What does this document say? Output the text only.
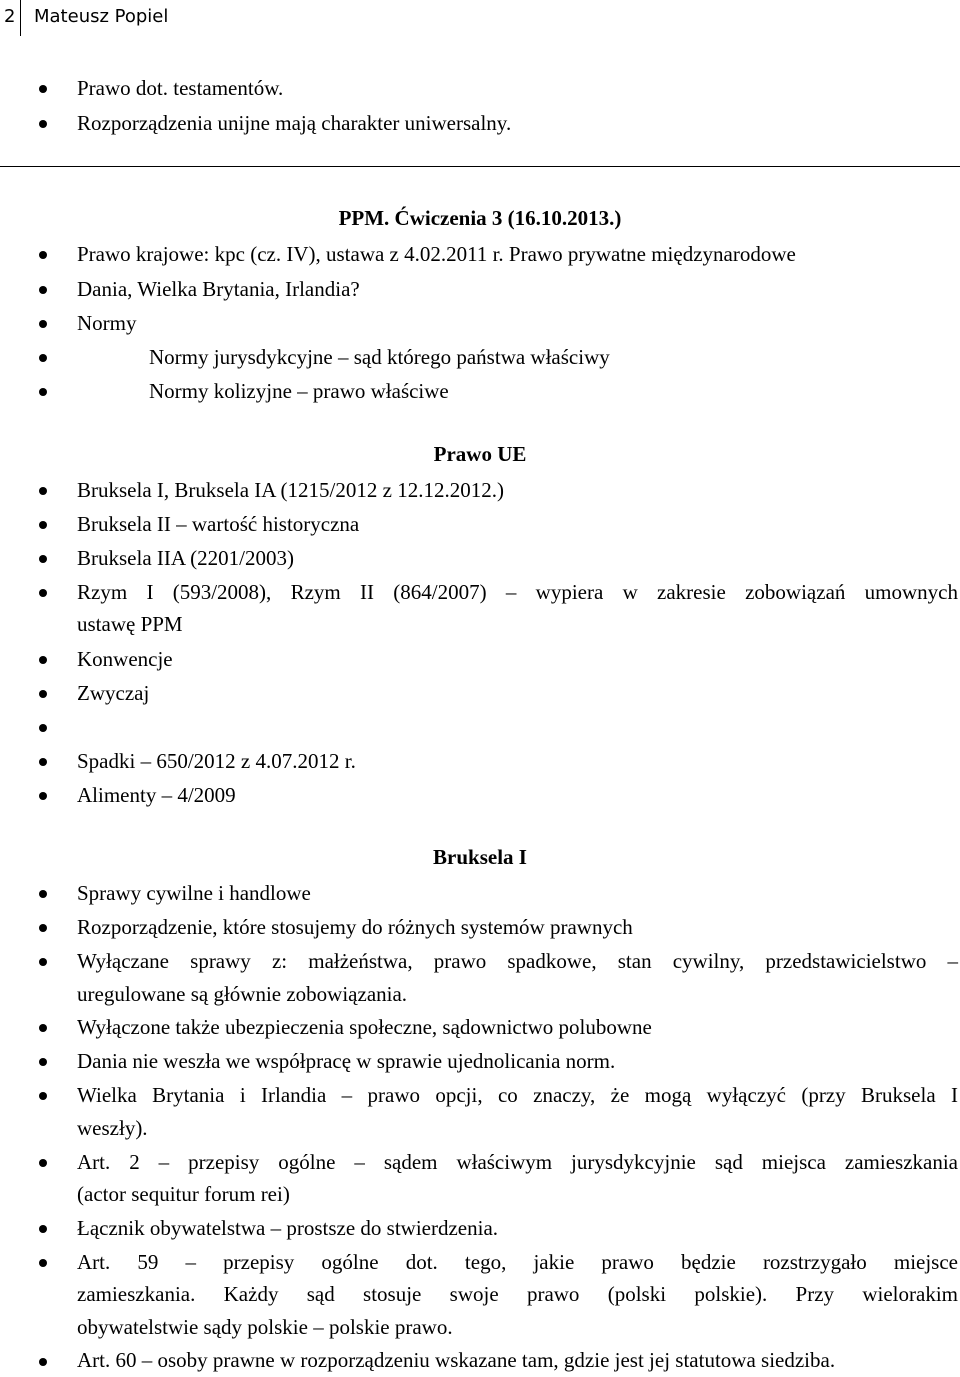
2 Mateusz Popiel
Prawo dot. testamentów.
Rozporządzenia unijne mają charakter uniwersalny.
PPM. Ćwiczenia 3 (16.10.2013.)
Prawo krajowe: kpc (cz. IV), ustawa z 4.02.2011 r. Prawo prywatne międzynarodowe
Dania, Wielka Brytania, Irlandia?
Normy
Normy jurysdykcyjne – sąd którego państwa właściwy
Normy kolizyjne – prawo właściwe
Prawo UE
Bruksela I, Bruksela IA (1215/2012 z 12.12.2012.)
Bruksela II – wartość historyczna
Bruksela IIA (2201/2003)
Rzym I (593/2008), Rzym II (864/2007) – wypiera w zakresie zobowiązań umownych
ustawę PPM
Konwencje
Zwyczaj
Spadki – 650/2012 z 4.07.2012 r.
Alimenty – 4/2009
Bruksela I
Sprawy cywilne i handlowe
Rozporządzenie, które stosujemy do różnych systemów prawnych
Wyłączane sprawy z: małżeństwa, prawo spadkowe, stan cywilny, przedstawicielstwo –
uregulowane są głównie zobowiązania.
Wyłączone także ubezpieczenia społeczne, sądownictwo polubowne
Dania nie weszła we współpracę w sprawie ujednolicania norm.
Wielka Brytania i Irlandia – prawo opcji, co znaczy, że mogą wyłączyć (przy Bruksela I
weszły).
Art. 2 – przepisy ogólne – sądem właściwym jurysdykcyjnie sąd miejsca zamieszkania
(actor sequitur forum rei)
Łącznik obywatelstwa – prostsze do stwierdzenia.
Art. 59 – przepisy ogólne dot. tego, jakie prawo będzie rozstrzygało miejsce
zamieszkania. Każdy sąd stosuje swoje prawo (polski polskie). Przy wielorakim
obywatelstwie sądy polskie – polskie prawo.
Art. 60 – osoby prawne w rozporządzeniu wskazane tam, gdzie jest jej statutowa siedziba.
